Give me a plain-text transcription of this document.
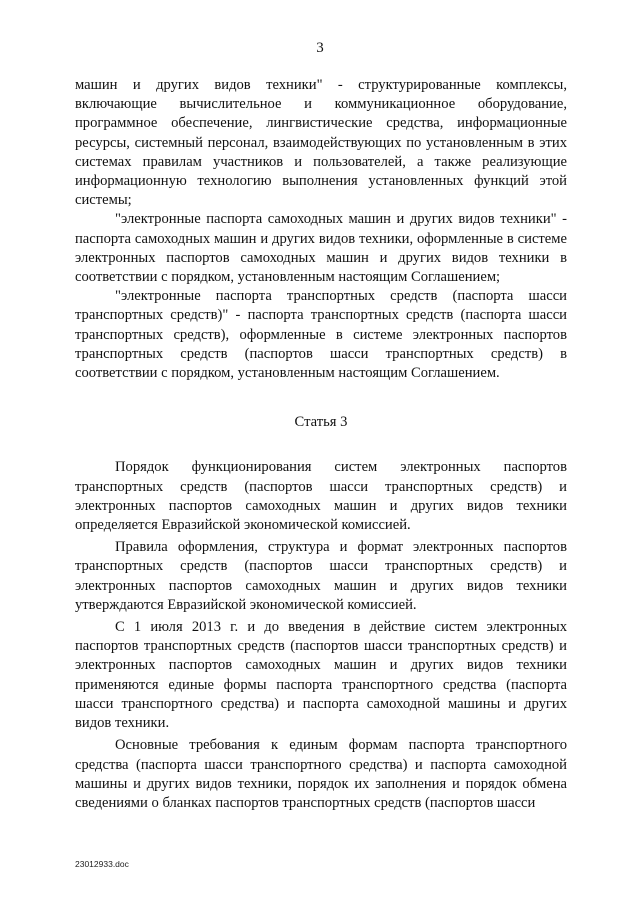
3

машин и других видов техники" - структурированные комплексы, включающие вычислительное и коммуникационное оборудование, программное обеспечение, лингвистические средства, информационные ресурсы, системный персонал, взаимодействующих по установленным в этих системах правилам участников и пользователей, а также реализующие информационную технологию выполнения установленных функций этой системы;

"электронные паспорта самоходных машин и других видов техники" - паспорта самоходных машин и других видов техники, оформленные в системе электронных паспортов самоходных машин и других видов техники в соответствии с порядком, установленным настоящим Соглашением;

"электронные паспорта транспортных средств (паспорта шасси транспортных средств)" - паспорта транспортных средств (паспорта шасси транспортных средств), оформленные в системе электронных паспортов транспортных средств (паспортов шасси транспортных средств) в соответствии с порядком, установленным настоящим Соглашением.

Статья 3

Порядок функционирования систем электронных паспортов транспортных средств (паспортов шасси транспортных средств) и электронных паспортов самоходных машин и других видов техники определяется Евразийской экономической комиссией.

Правила оформления, структура и формат электронных паспортов транспортных средств (паспортов шасси транспортных средств) и электронных паспортов самоходных машин и других видов техники утверждаются Евразийской экономической комиссией.

С 1 июля 2013 г. и до введения в действие систем электронных паспортов транспортных средств (паспортов шасси транспортных средств) и электронных паспортов самоходных машин и других видов техники применяются единые формы паспорта транспортного средства (паспорта шасси транспортного средства) и паспорта самоходной машины и других видов техники.

Основные требования к единым формам паспорта транспортного средства (паспорта шасси транспортного средства) и паспорта самоходной машины и других видов техники, порядок их заполнения и порядок обмена сведениями о бланках паспортов транспортных средств (паспортов шасси

23012933.doc
